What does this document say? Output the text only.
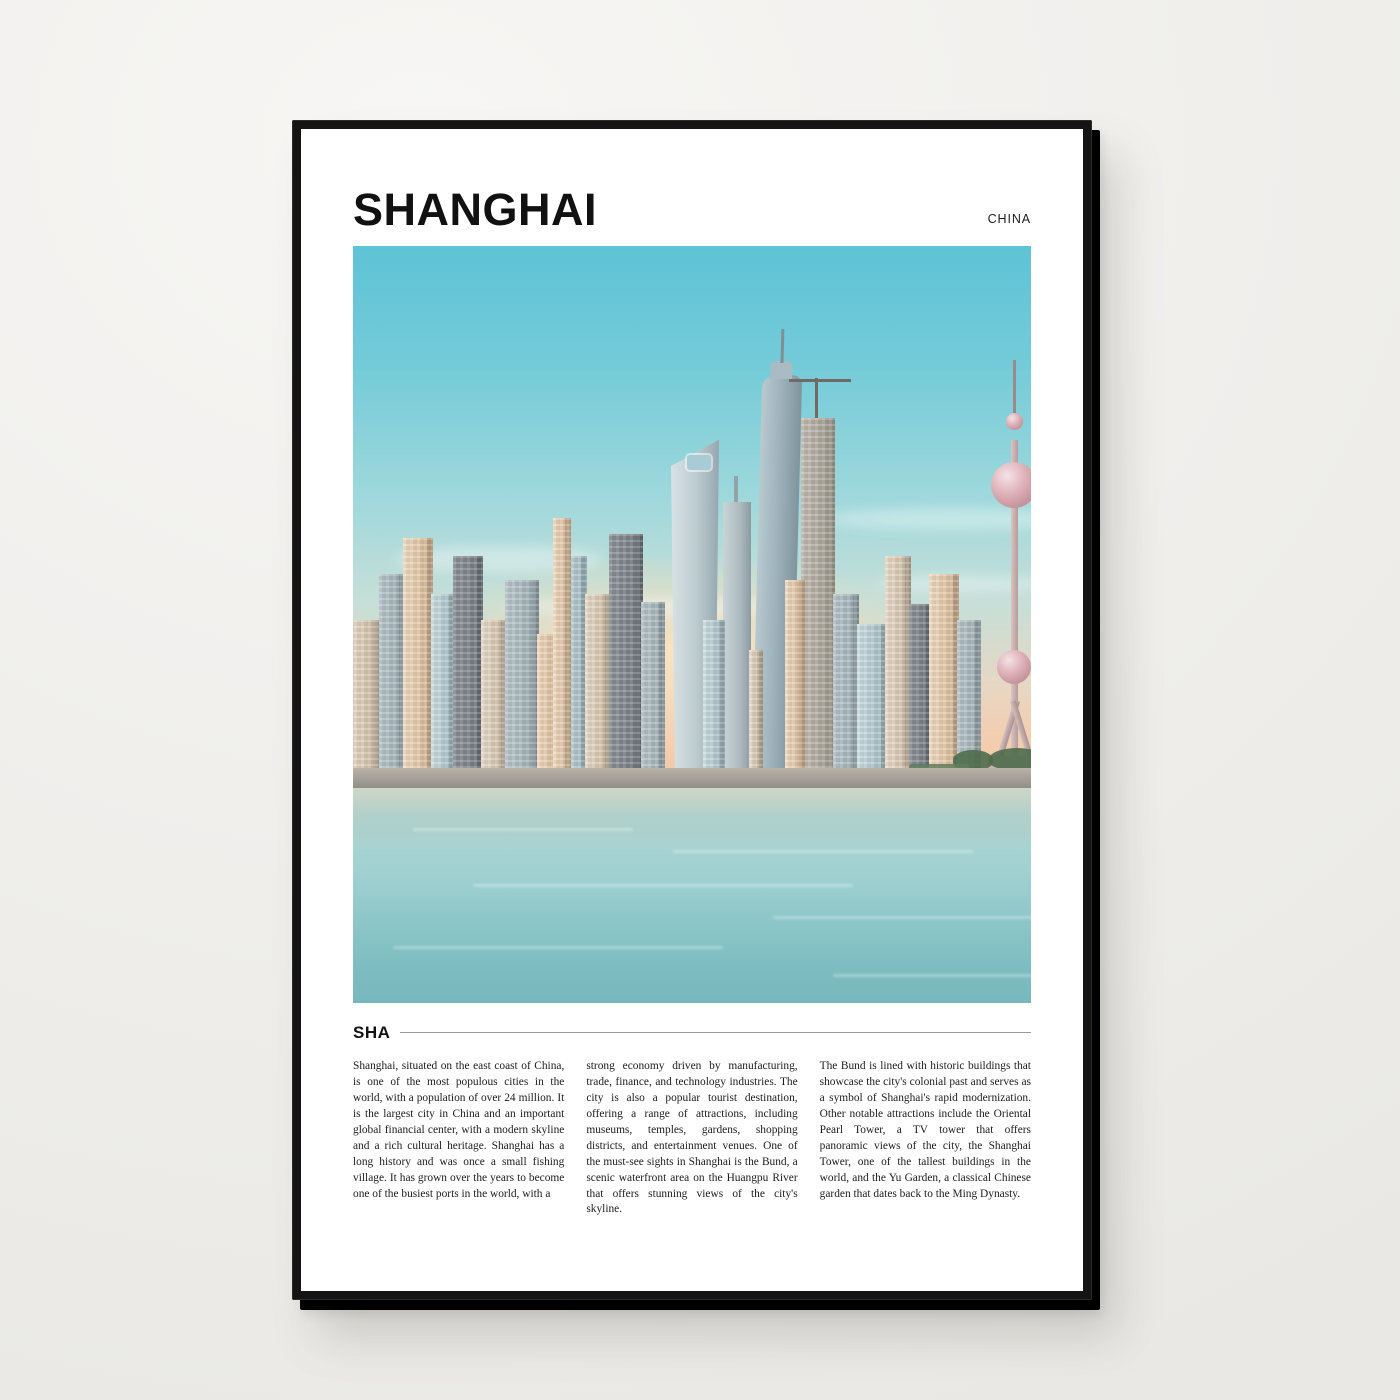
SHANGHAI	CHINA
SHA
Shanghai, situated on the east coast of China, is one of the most populous cities in the world, with a population of over 24 million. It is the largest city in China and an important global financial center, with a modern skyline and a rich cultural heritage. Shanghai has a long history and was once a small fishing village. It has grown over the years to become one of the busiest ports in the world, with a
strong economy driven by manufacturing, trade, finance, and technology industries. The city is also a popular tourist destination, offering a range of attractions, including museums, temples, gardens, shopping districts, and entertainment venues. One of the must-see sights in Shanghai is the Bund, a scenic waterfront area on the Huangpu River that offers stunning views of the city's skyline.
The Bund is lined with historic buildings that showcase the city's colonial past and serves as a symbol of Shanghai's rapid modernization. Other notable attractions include the Oriental Pearl Tower, a TV tower that offers panoramic views of the city, the Shanghai Tower, one of the tallest buildings in the world, and the Yu Garden, a classical Chinese garden that dates back to the Ming Dynasty.
